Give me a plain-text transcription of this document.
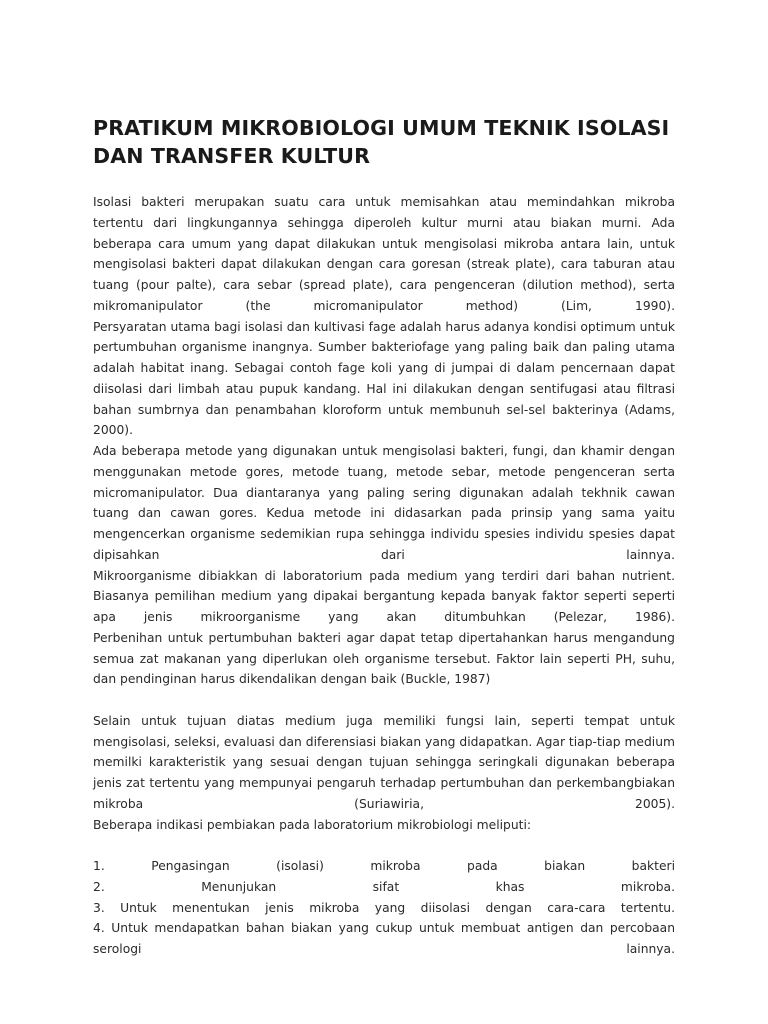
PRATIKUM MIKROBIOLOGI UMUM TEKNIK ISOLASI DAN TRANSFER KULTUR
Isolasi bakteri merupakan suatu cara untuk memisahkan atau memindahkan mikroba
tertentu dari lingkungannya sehingga diperoleh kultur murni atau biakan murni. Ada
beberapa cara umum yang dapat dilakukan untuk mengisolasi mikroba antara lain, untuk
mengisolasi bakteri dapat dilakukan dengan cara goresan (streak plate), cara taburan atau
tuang (pour palte), cara sebar (spread plate), cara pengenceran (dilution method), serta
mikromanipulator (the micromanipulator method) (Lim, 1990).
Persyaratan utama bagi isolasi dan kultivasi fage adalah harus adanya kondisi optimum untuk
pertumbuhan organisme inangnya. Sumber bakteriofage yang paling baik dan paling utama
adalah habitat inang. Sebagai contoh fage koli yang di jumpai di dalam pencernaan dapat
diisolasi dari limbah atau pupuk kandang. Hal ini dilakukan dengan sentifugasi atau filtrasi
bahan sumbrnya dan penambahan kloroform untuk membunuh sel-sel bakterinya (Adams,
2000).
Ada beberapa metode yang digunakan untuk mengisolasi bakteri, fungi, dan khamir dengan
menggunakan metode gores, metode tuang, metode sebar, metode pengenceran serta
micromanipulator. Dua diantaranya yang paling sering digunakan adalah tekhnik cawan
tuang dan cawan gores. Kedua metode ini didasarkan pada prinsip yang sama yaitu
mengencerkan organisme sedemikian rupa sehingga individu spesies individu spesies dapat
dipisahkan dari lainnya.
Mikroorganisme dibiakkan di laboratorium pada medium yang terdiri dari bahan nutrient.
Biasanya pemilihan medium yang dipakai bergantung kepada banyak faktor seperti seperti
apa jenis mikroorganisme yang akan ditumbuhkan (Pelezar, 1986).
Perbenihan untuk pertumbuhan bakteri agar dapat tetap dipertahankan harus mengandung
semua zat makanan yang diperlukan oleh organisme tersebut. Faktor lain seperti PH, suhu,
dan pendinginan harus dikendalikan dengan baik (Buckle, 1987)
Selain untuk tujuan diatas medium juga memiliki fungsi lain, seperti tempat untuk
mengisolasi, seleksi, evaluasi dan diferensiasi biakan yang didapatkan. Agar tiap-tiap medium
memilki karakteristik yang sesuai dengan tujuan sehingga seringkali digunakan beberapa
jenis zat tertentu yang mempunyai pengaruh terhadap pertumbuhan dan perkembangbiakan
mikroba (Suriawiria, 2005).
Beberapa indikasi pembiakan pada laboratorium mikrobiologi meliputi:
1. Pengasingan (isolasi) mikroba pada biakan bakteri
2. Menunjukan sifat khas mikroba.
3. Untuk menentukan jenis mikroba yang diisolasi dengan cara-cara tertentu.
4. Untuk mendapatkan bahan biakan yang cukup untuk membuat antigen dan percobaan
serologi lainnya.
